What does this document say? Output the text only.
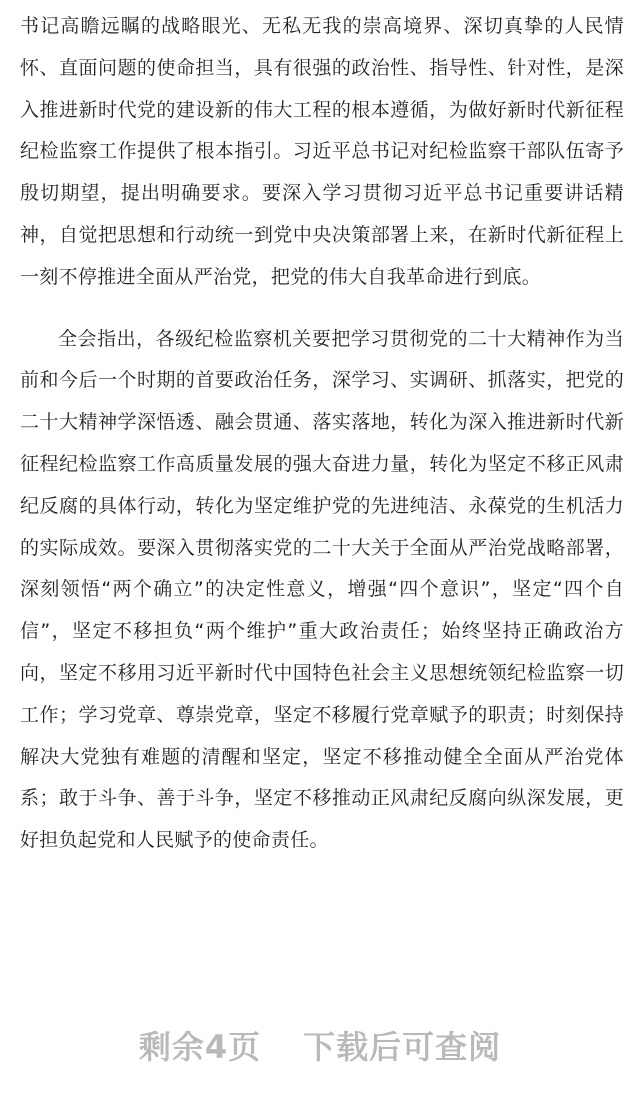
书记高瞻远瞩的战略眼光、无私无我的崇高境界、深切真挚的人民情怀、直面问题的使命担当，具有很强的政治性、指导性、针对性，是深入推进新时代党的建设新的伟大工程的根本遵循，为做好新时代新征程纪检监察工作提供了根本指引。习近平总书记对纪检监察干部队伍寄予殷切期望，提出明确要求。要深入学习贯彻习近平总书记重要讲话精神，自觉把思想和行动统一到党中央决策部署上来，在新时代新征程上一刻不停推进全面从严治党，把党的伟大自我革命进行到底。

全会指出，各级纪检监察机关要把学习贯彻党的二十大精神作为当前和今后一个时期的首要政治任务，深学习、实调研、抓落实，把党的二十大精神学深悟透、融会贯通、落实落地，转化为深入推进新时代新征程纪检监察工作高质量发展的强大奋进力量，转化为坚定不移正风肃纪反腐的具体行动，转化为坚定维护党的先进纯洁、永葆党的生机活力的实际成效。要深入贯彻落实党的二十大关于全面从严治党战略部署，深刻领悟“两个确立”的决定性意义，增强“四个意识”，坚定“四个自信”，坚定不移担负“两个维护”重大政治责任；始终坚持正确政治方向，坚定不移用习近平新时代中国特色社会主义思想统领纪检监察一切工作；学习党章、尊崇党章，坚定不移履行党章赋予的职责；时刻保持解决大党独有难题的清醒和坚定，坚定不移推动健全全面从严治党体系；敢于斗争、善于斗争，坚定不移推动正风肃纪反腐向纵深发展，更好担负起党和人民赋予的使命责任。

剩余4页 下载后可查阅
